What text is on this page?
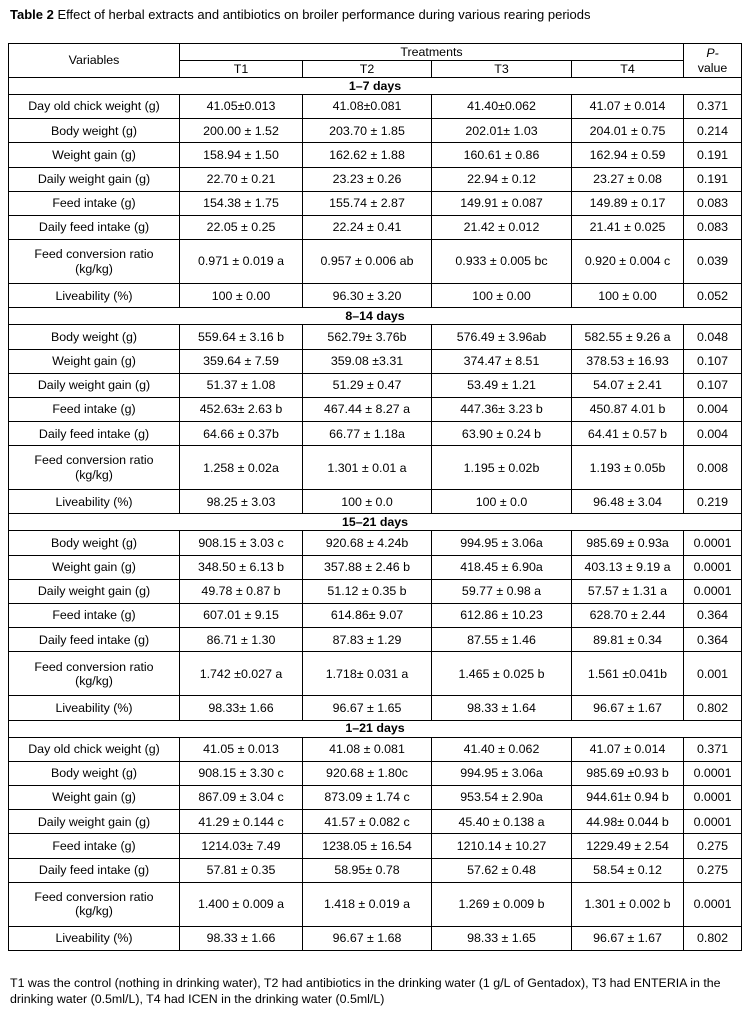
Table 2 Effect of herbal extracts and antibiotics on broiler performance during various rearing periods
Variables	Treatments				P-
value
	T1	T2	T3	T4	
1–7 days					
Day old chick weight (g)	41.05±0.013	41.08±0.081	41.40±0.062	41.07 ± 0.014	0.371
Body weight (g)	200.00 ± 1.52	203.70 ± 1.85	202.01± 1.03	204.01 ± 0.75	0.214
Weight gain (g)	158.94 ± 1.50	162.62 ± 1.88	160.61 ± 0.86	162.94 ± 0.59	0.191
Daily weight gain (g)	22.70 ± 0.21	23.23 ± 0.26	22.94 ± 0.12	23.27 ± 0.08	0.191
Feed intake (g)	154.38 ± 1.75	155.74 ± 2.87	149.91 ± 0.087	149.89 ± 0.17	0.083
Daily feed intake (g)	22.05 ± 0.25	22.24 ± 0.41	21.42 ± 0.012	21.41 ± 0.025	0.083
Feed conversion ratio
(kg/kg)	0.971 ± 0.019 a	0.957 ± 0.006 ab	0.933 ± 0.005 bc	0.920 ± 0.004 c	0.039
Liveability (%)	100 ± 0.00	96.30 ± 3.20	100 ± 0.00	100 ± 0.00	0.052
8–14 days					
Body weight (g)	559.64 ± 3.16 b	562.79± 3.76b	576.49 ± 3.96ab	582.55 ± 9.26 a	0.048
Weight gain (g)	359.64 ± 7.59	359.08 ±3.31	374.47 ± 8.51	378.53 ± 16.93	0.107
Daily weight gain (g)	51.37 ± 1.08	51.29 ± 0.47	53.49 ± 1.21	54.07 ± 2.41	0.107
Feed intake (g)	452.63± 2.63 b	467.44 ± 8.27 a	447.36± 3.23 b	450.87 4.01 b	0.004
Daily feed intake (g)	64.66 ± 0.37b	66.77 ± 1.18a	63.90 ± 0.24 b	64.41 ± 0.57 b	0.004
Feed conversion ratio
(kg/kg)	1.258 ± 0.02a	1.301 ± 0.01 a	1.195 ± 0.02b	1.193 ± 0.05b	0.008
Liveability (%)	98.25 ± 3.03	100 ± 0.0	100 ± 0.0	96.48 ± 3.04	0.219
15–21 days					
Body weight (g)	908.15 ± 3.03 c	920.68 ± 4.24b	994.95 ± 3.06a	985.69 ± 0.93a	0.0001
Weight gain (g)	348.50 ± 6.13 b	357.88 ± 2.46 b	418.45 ± 6.90a	403.13 ± 9.19 a	0.0001
Daily weight gain (g)	49.78 ± 0.87 b	51.12 ± 0.35 b	59.77 ± 0.98 a	57.57 ± 1.31 a	0.0001
Feed intake (g)	607.01 ± 9.15	614.86± 9.07	612.86 ± 10.23	628.70 ± 2.44	0.364
Daily feed intake (g)	86.71 ± 1.30	87.83 ± 1.29	87.55 ± 1.46	89.81 ± 0.34	0.364
Feed conversion ratio
(kg/kg)	1.742 ±0.027 a	1.718± 0.031 a	1.465 ± 0.025 b	1.561 ±0.041b	0.001
Liveability (%)	98.33± 1.66	96.67 ± 1.65	98.33 ± 1.64	96.67 ± 1.67	0.802
1–21 days					
Day old chick weight (g)	41.05 ± 0.013	41.08 ± 0.081	41.40 ± 0.062	41.07 ± 0.014	0.371
Body weight (g)	908.15 ± 3.30 c	920.68 ± 1.80c	994.95 ± 3.06a	985.69 ±0.93 b	0.0001
Weight gain (g)	867.09 ± 3.04 c	873.09 ± 1.74 c	953.54 ± 2.90a	944.61± 0.94 b	0.0001
Daily weight gain (g)	41.29 ± 0.144 c	41.57 ± 0.082 c	45.40 ± 0.138 a	44.98± 0.044 b	0.0001
Feed intake (g)	1214.03± 7.49	1238.05 ± 16.54	1210.14 ± 10.27	1229.49 ± 2.54	0.275
Daily feed intake (g)	57.81 ± 0.35	58.95± 0.78	57.62 ± 0.48	58.54 ± 0.12	0.275
Feed conversion ratio
(kg/kg)	1.400 ± 0.009 a	1.418 ± 0.019 a	1.269 ± 0.009 b	1.301 ± 0.002 b	0.0001
Liveability (%)	98.33 ± 1.66	96.67 ± 1.68	98.33 ± 1.65	96.67 ± 1.67	0.802
T1 was the control (nothing in drinking water), T2 had antibiotics in the drinking water (1 g/L of Gentadox), T3 had ENTERIA in the drinking water (0.5ml/L), T4 had ICEN in the drinking water (0.5ml/L)
